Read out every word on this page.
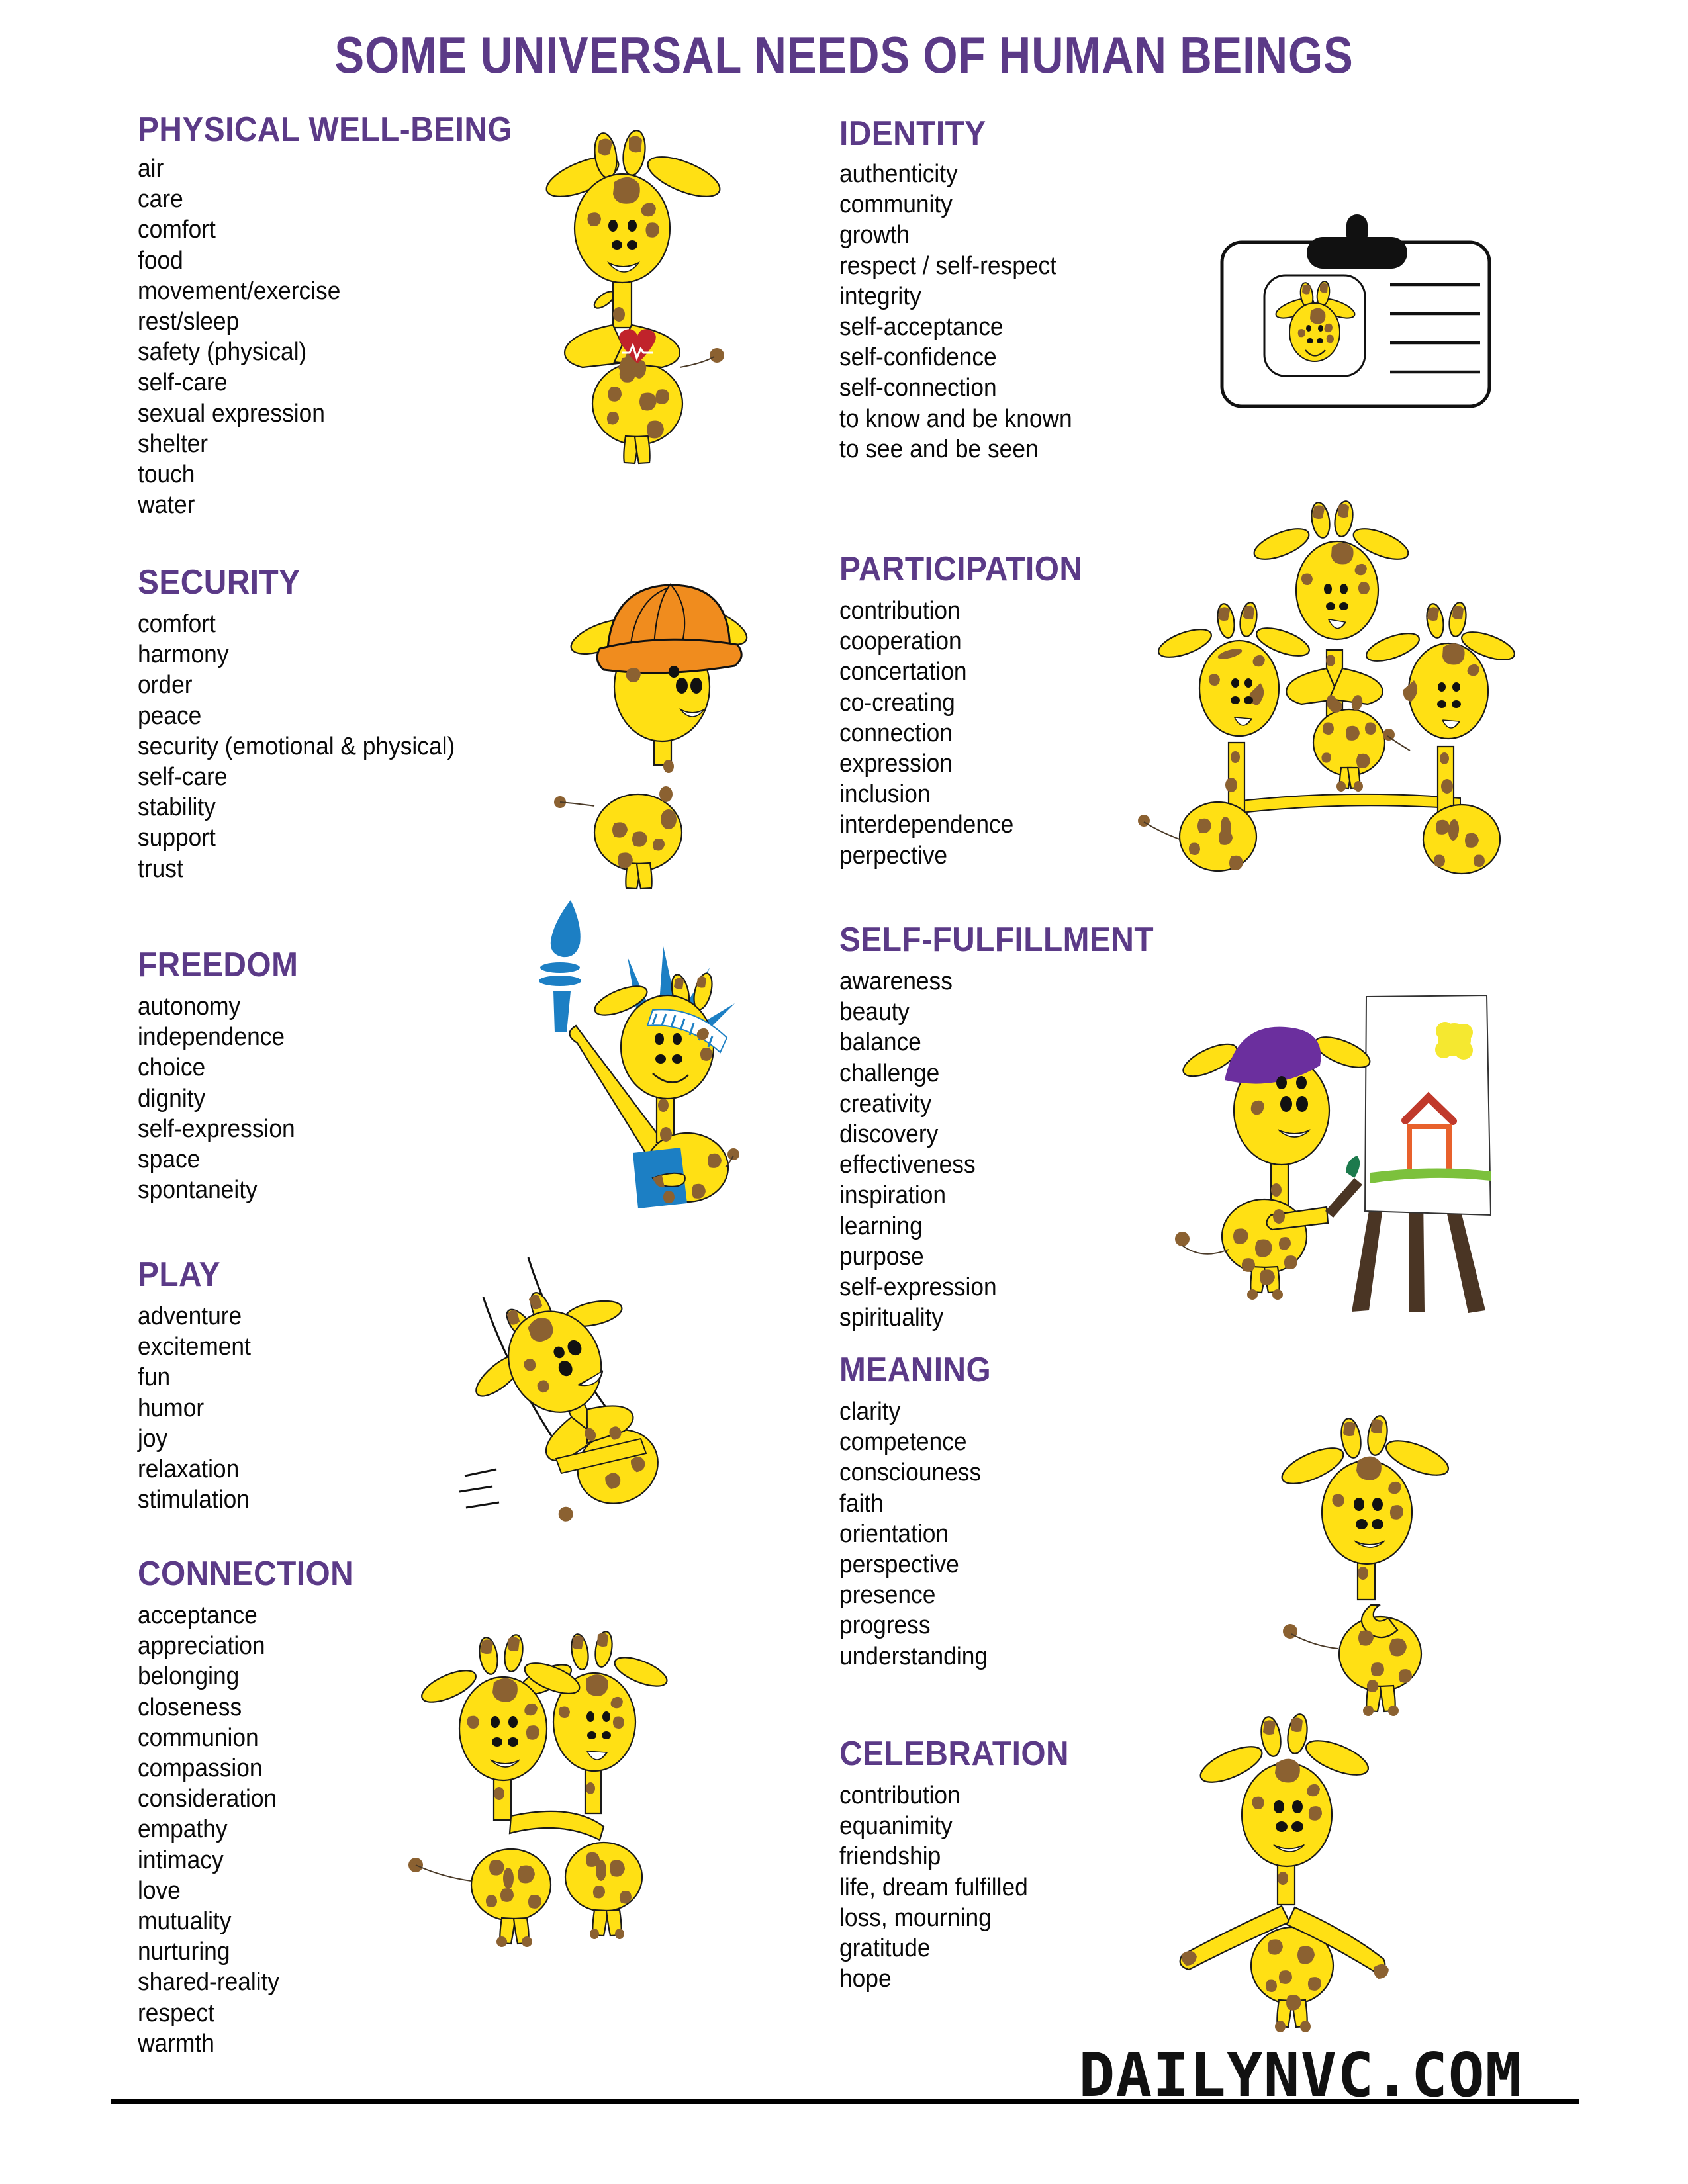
SOME UNIVERSAL NEEDS OF HUMAN BEINGS
PHYSICAL WELL-BEING
air
care
comfort
food
movement/exercise
rest/sleep
safety (physical)
self-care
sexual expression
shelter
touch
water
SECURITY
comfort
harmony
order
peace
security (emotional & physical)
self-care
stability
support
trust
FREEDOM
autonomy
independence
choice
dignity
self-expression
space
spontaneity
PLAY
adventure
excitement
fun
humor
joy
relaxation
stimulation
CONNECTION
acceptance
appreciation
belonging
closeness
communion
compassion
consideration
empathy
intimacy
love
mutuality
nurturing
shared-reality
respect
warmth
IDENTITY
authenticity
community
growth
respect / self-respect
integrity
self-acceptance
self-confidence
self-connection
to know and be known
to see and be seen
PARTICIPATION
contribution
cooperation
concertation
co-creating
connection
expression
inclusion
interdependence
perpective
SELF-FULFILLMENT
awareness
beauty
balance
challenge
creativity
discovery
effectiveness
inspiration
learning
purpose
self-expression
spirituality
MEANING
clarity
competence
consciouness
faith
orientation
perspective
presence
progress
understanding
CELEBRATION
contribution
equanimity
friendship
life, dream fulfilled
loss, mourning
gratitude
hope
DAILYNVC.COM
